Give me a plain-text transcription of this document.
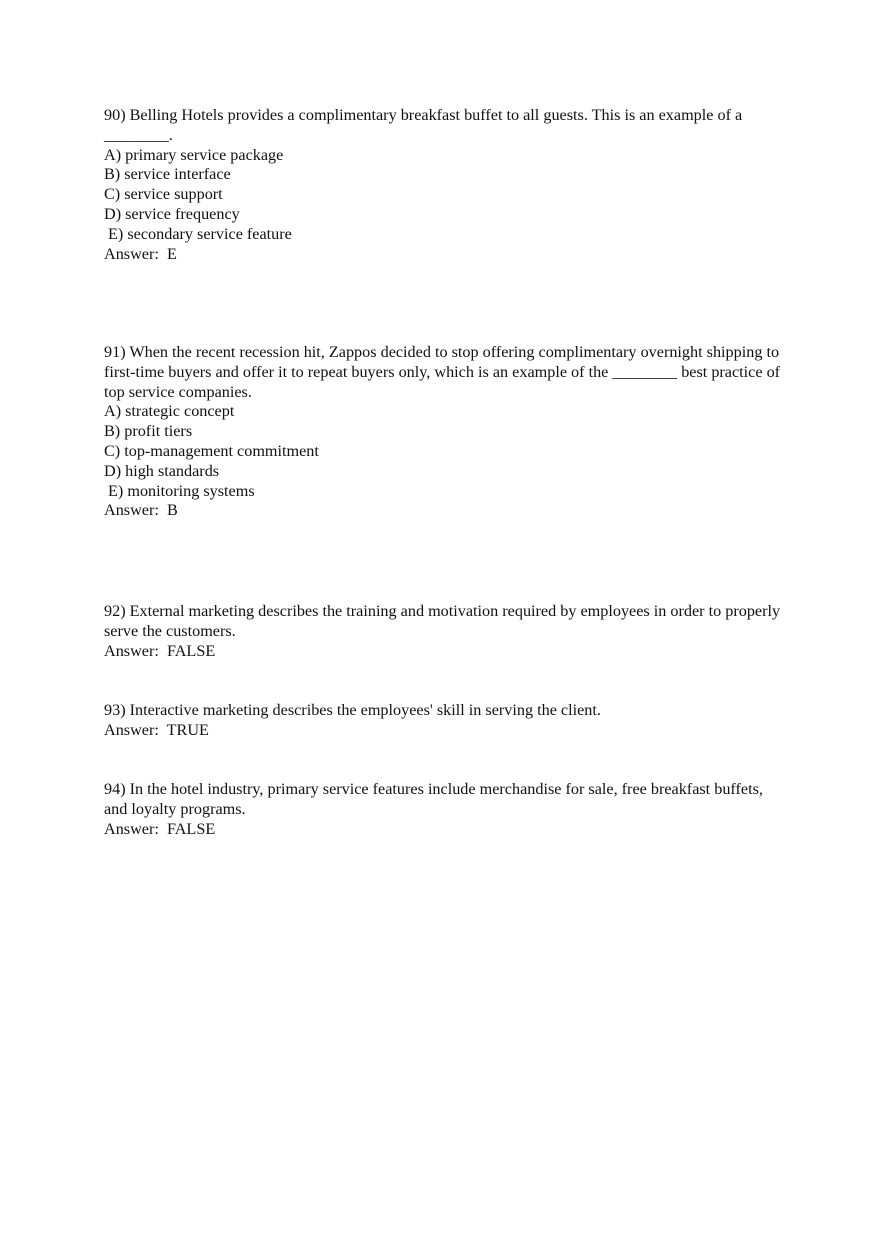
90) Belling Hotels provides a complimentary breakfast buffet to all guests. This is an example of a ________.

A) primary service package
B) service interface
C) service support
D) service frequency
E) secondary service feature
Answer:  E

91) When the recent recession hit, Zappos decided to stop offering complimentary overnight shipping to first-time buyers and offer it to repeat buyers only, which is an example of the ________ best practice of top service companies.

A) strategic concept
B) profit tiers
C) top-management commitment
D) high standards
E) monitoring systems
Answer:  B

92) External marketing describes the training and motivation required by employees in order to properly serve the customers.

Answer:  FALSE

93) Interactive marketing describes the employees' skill in serving the client.

Answer:  TRUE

94) In the hotel industry, primary service features include merchandise for sale, free breakfast buffets, and loyalty programs.

Answer:  FALSE
